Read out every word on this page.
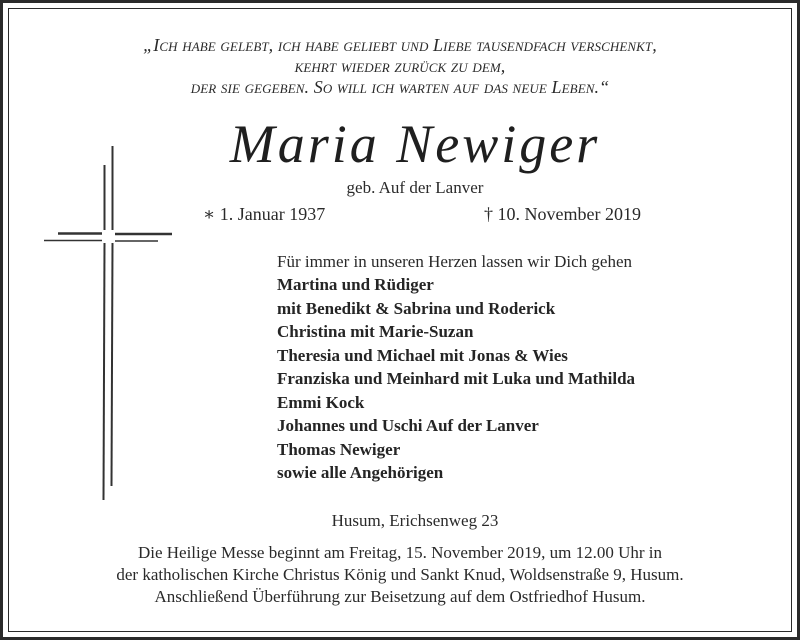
„Ich habe gelebt, ich habe geliebt und Liebe tausendfach verschenkt,
kehrt wieder zurück zu dem,
der sie gegeben. So will ich warten auf das neue Leben.“
Maria Newiger
geb. Auf der Lanver
∗ 1. Januar 1937	† 10. November 2019
Für immer in unseren Herzen lassen wir Dich gehen
Martina und Rüdiger
mit Benedikt & Sabrina und Roderick
Christina mit Marie-Suzan
Theresia und Michael mit Jonas & Wies
Franziska und Meinhard mit Luka und Mathilda
Emmi Kock
Johannes und Uschi Auf der Lanver
Thomas Newiger
sowie alle Angehörigen
Husum, Erichsenweg 23
Die Heilige Messe beginnt am Freitag, 15. November 2019, um 12.00 Uhr in
der katholischen Kirche Christus König und Sankt Knud, Woldsenstraße 9, Husum.
Anschließend Überführung zur Beisetzung auf dem Ostfriedhof Husum.
